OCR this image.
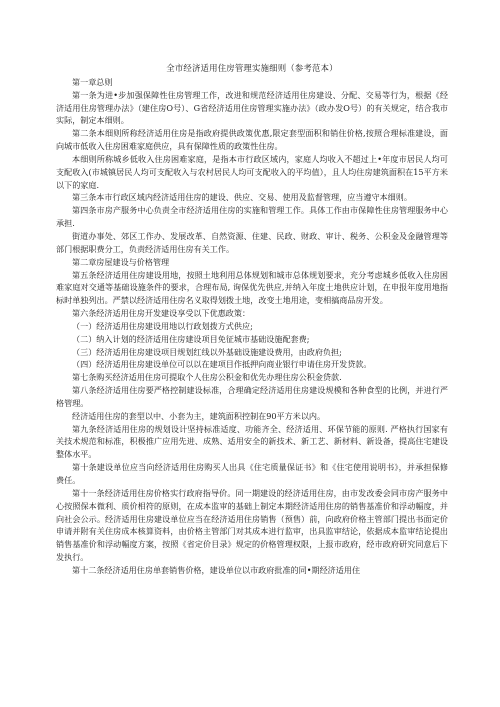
全市经济适用住房管理实施细则（参考范本）

第一章总则

第一条为进•步加强保障性住房管理工作，改进和规范经济适用住房建设、分配、交易等行为，根据《经济适用住房管理办法》（建住房O号）、G省经济适用住房管理实施办法》（政办发O号）的有关规定，结合我市实际，制定本细则。

第二条本细则所称经济适用住房是指政府提供政策优惠,限定套型面积和销住价格,按照合理标准建设，面向城市低收入住房困难家庭供应，具有保障性质的政策性住房。

本细则所称城乡低收入住房困难家庭，是指本市行政区域内，家庭人均收入不超过上•年度市居民人均可支配收入(市城镇居民人均可支配收入与农村居民人均可支配收入的平均值），且人均住房建筑面积在15平方米以下的家庭.

第三条本市行政区域内经济适用住房的建设、供应、交易、使用及监督管理，应当遵守本细则。

第四条市房产服务中心负责全市经济适用住房的实施和管理工作。具体工作由市保障性住房管理服务中心承担.

街道办事处、郊区工作办、发展改革、自然资源、住建、民政、财政、审计、税务、公积金及金融管理等部门根据职费分工，负责经济适用住房有关工作。

第二章房屋建设与价格管理

第五条经济适用住房建设用地，按照土地利用总体规划和城市总体规划要求，充分考虑城乡低收入住房困难家庭对交通等基础设施条件的要求，合理布局, 询保优先供应,并纳入年度土地供应计划，在申报年度用地指标时单独列出。严禁以经济适用住房名义取得划拨土地，改变土地用途，变相搞商品房开发。

第六条经济适用住房开发建设享受以下优惠政策：

（一）经济适用住房建设用地以行政划拨方式供应;

（二）纳入计划的经济适用住房建设项目免征城市基础设施配套费;

（三）经济适用住房建设项目规划红线以外基础设施建设费用，由政府负担;

（四）经济适用住房建设单位可以以在建项目作抵押向商业银行申请住房开发贷款。

第七条购买经济适用住房可提取个人住房公积金和优先办理住房公积金贷款.

第八条经济适用住房要严格控制建设标准，合理确定经济适用住房建设规模和各种食型的比例，并进行严格管理。

经济适用住房的套型以中、小套为主，建筑面积控制在90平方米以内。

第九条经济适用住房的规划设计坚持标准适度、功能齐全、经济适用、环保节能的原则. 严格执行国家有关技术规范和标准，积极推广应用先进、成熟、适用安全的新技术、新工艺、新材料、新设备，提高住宅建设整体水平。

第十条建设单位应当向经济适用住房购买人出具《住宅质量保证书》和《住宅使用说明书》，并承担保修费任。

第十一条经济适用住房价格实行政府指导价。同一期建设的经济适用住房，由市发改委会同市房产服务中心按照保本微利、质价相符的原则，在成本监审的基础上制定本期经济适用住房的销售基准价和浮动幅度，并向社会公示。经济适用住房建设单位应当在经济适用住房销售（预售）前，向政府价格主管部门提出书面定价申请并附有关住房成本核算资料，由价格主管部门对其成本进行监审，出具监审结论，依据成本监审结论提出销售基准价和浮动幅度方案，按照《省定价目录》规定的价格管理权限，上报市政府，经市政府研究同意后下发执行。

第十二条经济适用住房单套销售价格，建设单位以市政府批准的同•期经济适用住
